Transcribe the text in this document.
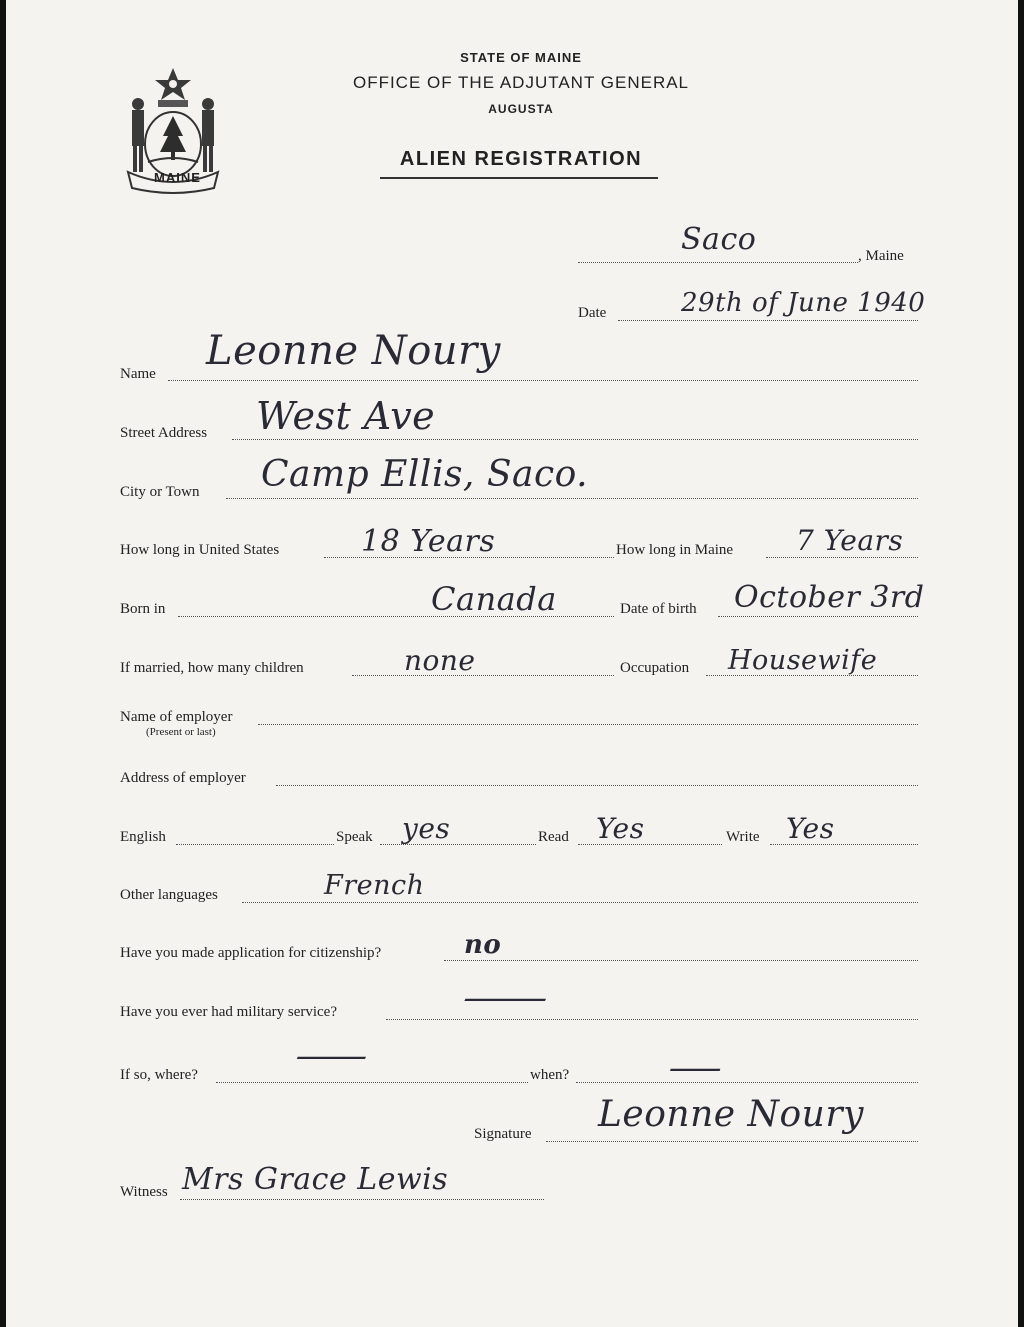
MAINE
STATE OF MAINE
OFFICE OF THE ADJUTANT GENERAL
AUGUSTA
ALIEN REGISTRATION
Saco	, Maine
Date	29th of June 1940
Name Leonne Noury
Street Address West Ave
City or Town Camp Ellis, Saco.
How long in United States	18 Years	How long in Maine 7 Years
Born in	Canada	Date of birth October 3rd
If married, how many children	none	Occupation Housewife
Name of employer
(Present or last)
Address of employer
English	Speak yes	Read Yes	Write Yes
Other languages	French
Have you made application for citizenship?	no
Have you ever had military service?	—
If so, where?	—	when?	—
Signature Leonne Noury
Witness Mrs Grace Lewis
